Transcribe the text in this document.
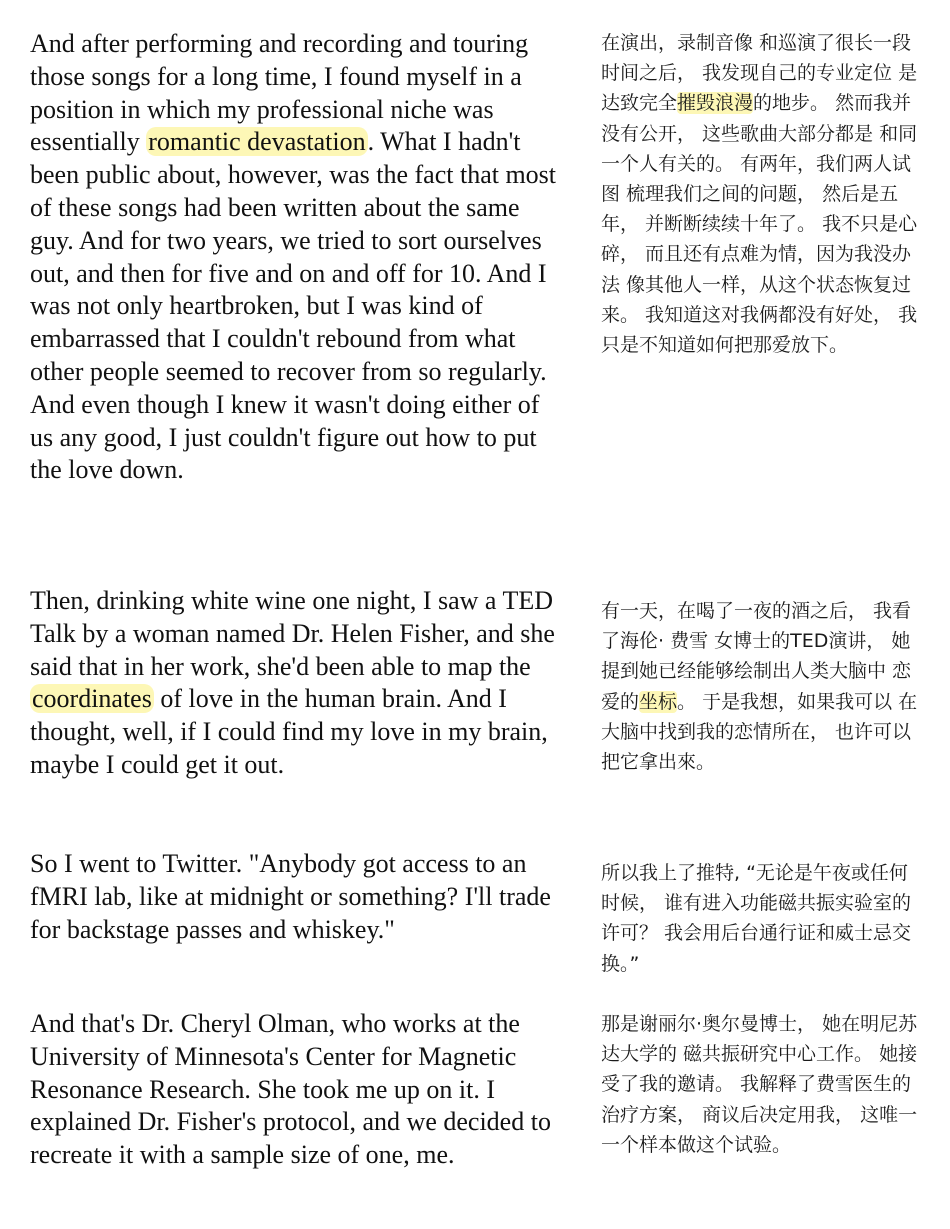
And after performing and recording and touring those songs for a long time, I found myself in a position in which my professional niche was essentially romantic devastation. What I hadn't been public about, however, was the fact that most of these songs had been written about the same guy. And for two years, we tried to sort ourselves out, and then for five and on and off for 10. And I was not only heartbroken, but I was kind of embarrassed that I couldn't rebound from what other people seemed to recover from so regularly. And even though I knew it wasn't doing either of us any good, I just couldn't figure out how to put the love down.

Then, drinking white wine one night, I saw a TED Talk by a woman named Dr. Helen Fisher, and she said that in her work, she'd been able to map the coordinates of love in the human brain. And I thought, well, if I could find my love in my brain, maybe I could get it out.

So I went to Twitter. "Anybody got access to an fMRI lab, like at midnight or something? I'll trade for backstage passes and whiskey."

And that's Dr. Cheryl Olman, who works at the University of Minnesota's Center for Magnetic Resonance Research. She took me up on it. I explained Dr. Fisher's protocol, and we decided to recreate it with a sample size of one, me.

在演出，录制音像 和巡演了很长一段时间之后， 我发现自己的专业定位 是达致完全摧毁浪漫的地步。 然而我并没有公开， 这些歌曲大部分都是 和同一个人有关的。 有两年，我们两人试图 梳理我们之间的问题， 然后是五年， 并断断续续十年了。 我不只是心碎， 而且还有点难为情，因为我没办法 像其他人一样，从这个状态恢复过来。 我知道这对我俩都没有好处， 我只是不知道如何把那爱放下。

有一天，在喝了一夜的酒之后， 我看了海伦· 费雪 女博士的TED演讲， 她提到她已经能够绘制出人类大脑中 恋爱的坐标。 于是我想，如果我可以 在大脑中找到我的恋情所在， 也许可以把它拿出來。

所以我上了推特, “无论是午夜或任何时候， 谁有进入功能磁共振实验室的许可？ 我会用后台通行证和威士忌交换。”

那是谢丽尔·奥尔曼博士， 她在明尼苏达大学的 磁共振研究中心工作。 她接受了我的邀请。 我解释了费雪医生的治疗方案， 商议后决定用我， 这唯一一个样本做这个试验。
